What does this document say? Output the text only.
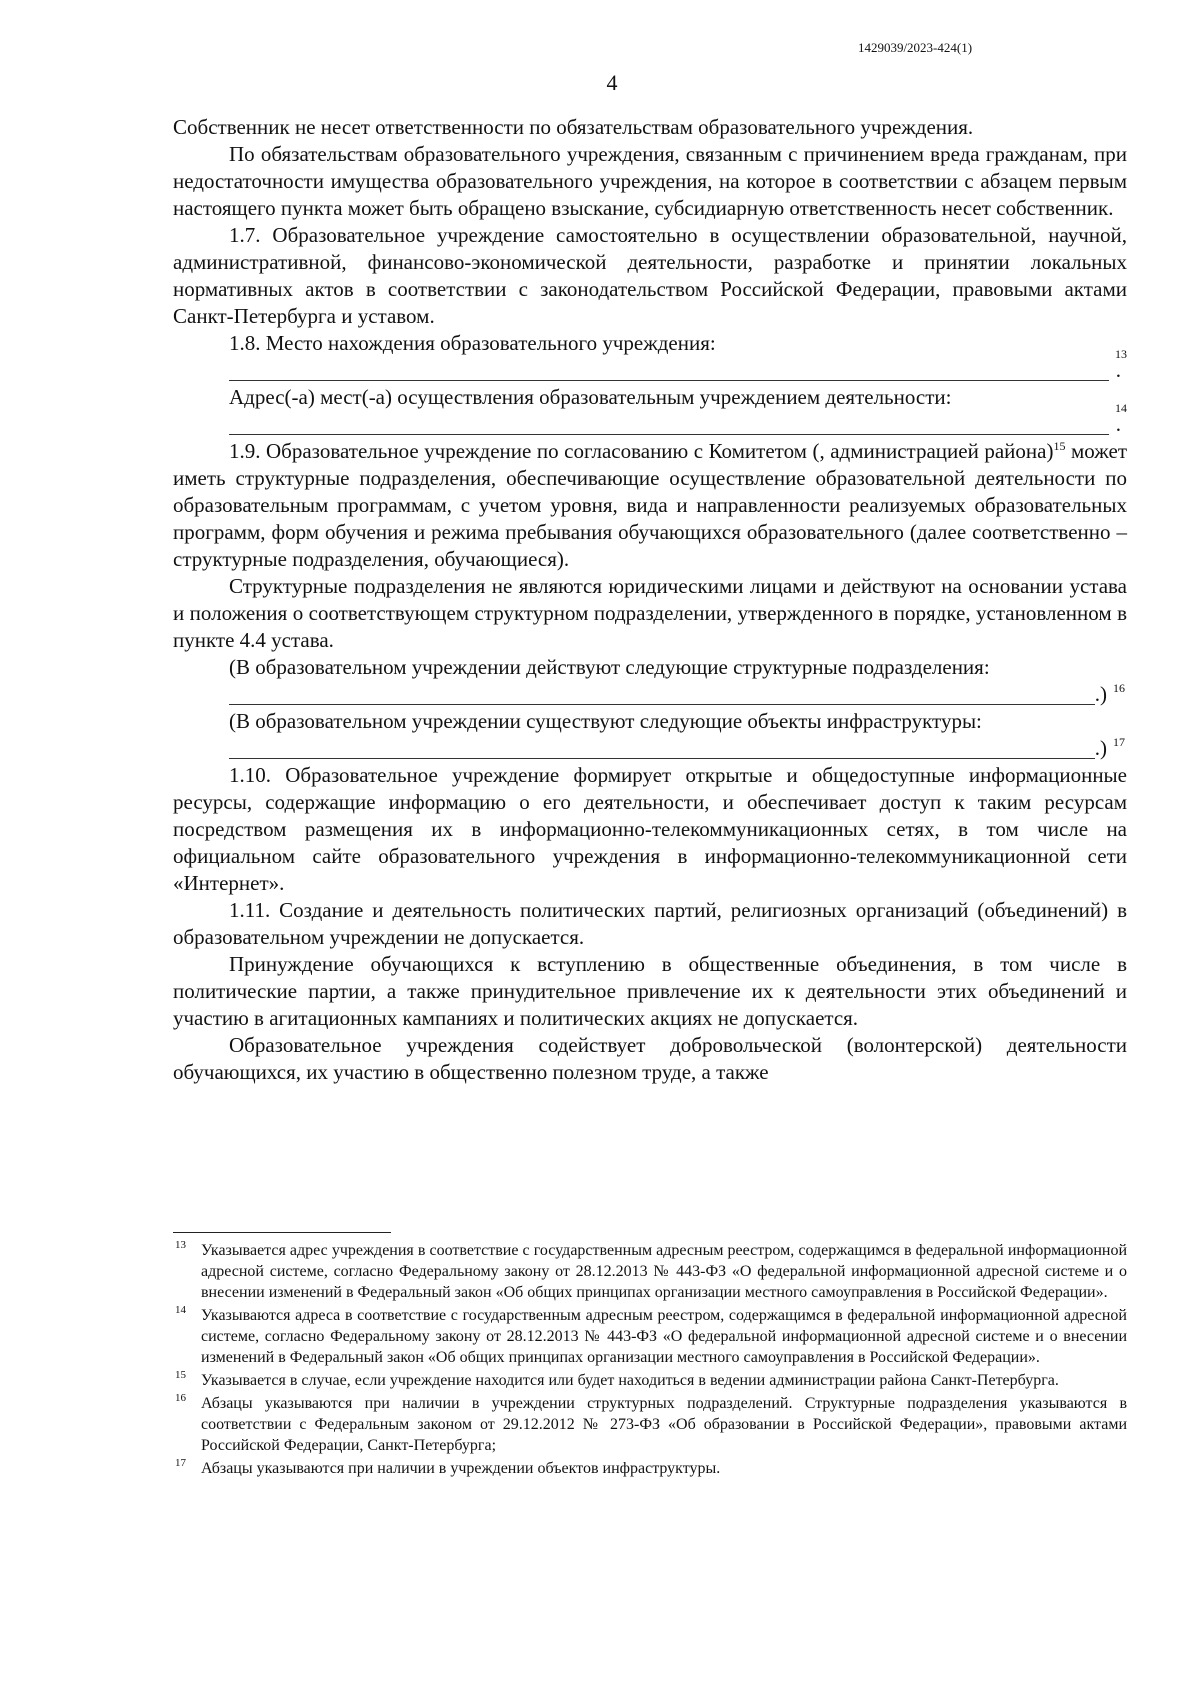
1429039/2023-424(1)
4

Собственник не несет ответственности по обязательствам образовательного учреждения.

По обязательствам образовательного учреждения, связанным с причинением вреда гражданам, при недостаточности имущества образовательного учреждения, на которое в соответствии с абзацем первым настоящего пункта может быть обращено взыскание, субсидиарную ответственность несет собственник.

1.7. Образовательное учреждение самостоятельно в осуществлении образовательной, научной, административной, финансово-экономической деятельности, разработке и принятии локальных нормативных актов в соответствии с законодательством Российской Федерации, правовыми актами Санкт-Петербурга и уставом.

1.8. Место нахождения образовательного учреждения:

.
13

Адрес(-а) мест(-а) осуществления образовательным учреждением деятельности:

.
14

1.9. Образовательное учреждение по согласованию с Комитетом (, администрацией района)$^{15}$ может иметь структурные подразделения, обеспечивающие осуществление образовательной деятельности по образовательным программам, с учетом уровня, вида и направленности реализуемых образовательных программ, форм обучения и режима пребывания обучающихся образовательного (далее соответственно – структурные подразделения, обучающиеся).

Структурные подразделения не являются юридическими лицами и действуют на основании устава и положения о соответствующем структурном подразделении, утвержденного в порядке, установленном в пункте 4.4 устава.

(В образовательном учреждении действуют следующие структурные подразделения:

.) 16

(В образовательном учреждении существуют следующие объекты инфраструктуры:

.) 17

1.10. Образовательное учреждение формирует открытые и общедоступные информационные ресурсы, содержащие информацию о его деятельности, и обеспечивает доступ к таким ресурсам посредством размещения их в информационно-телекоммуникационных сетях, в том числе на официальном сайте образовательного учреждения в информационно-телекоммуникационной сети «Интернет».

1.11. Создание и деятельность политических партий, религиозных организаций (объединений) в образовательном учреждении не допускается.

Принуждение обучающихся к вступлению в общественные объединения, в том числе в политические партии, а также принудительное привлечение их к деятельности этих объединений и участию в агитационных кампаниях и политических акциях не допускается.

Образовательное учреждения содействует добровольческой (волонтерской) деятельности обучающихся, их участию в общественно полезном труде, а также

13 Указывается адрес учреждения в соответствие с государственным адресным реестром, содержащимся в федеральной информационной адресной системе, согласно Федеральному закону от 28.12.2013 № 443-ФЗ «О федеральной информационной адресной системе и о внесении изменений в Федеральный закон «Об общих принципах организации местного самоуправления в Российской Федерации».
14 Указываются адреса в соответствие с государственным адресным реестром, содержащимся в федеральной информационной адресной системе, согласно Федеральному закону от 28.12.2013 № 443-ФЗ «О федеральной информационной адресной системе и о внесении изменений в Федеральный закон «Об общих принципах организации местного самоуправления в Российской Федерации».
15 Указывается в случае, если учреждение находится или будет находиться в ведении администрации района Санкт-Петербурга.
16 Абзацы указываются при наличии в учреждении структурных подразделений. Структурные подразделения указываются в соответствии с Федеральным законом от 29.12.2012 № 273-ФЗ «Об образовании в Российской Федерации», правовыми актами Российской Федерации, Санкт-Петербурга;
17 Абзацы указываются при наличии в учреждении объектов инфраструктуры.
